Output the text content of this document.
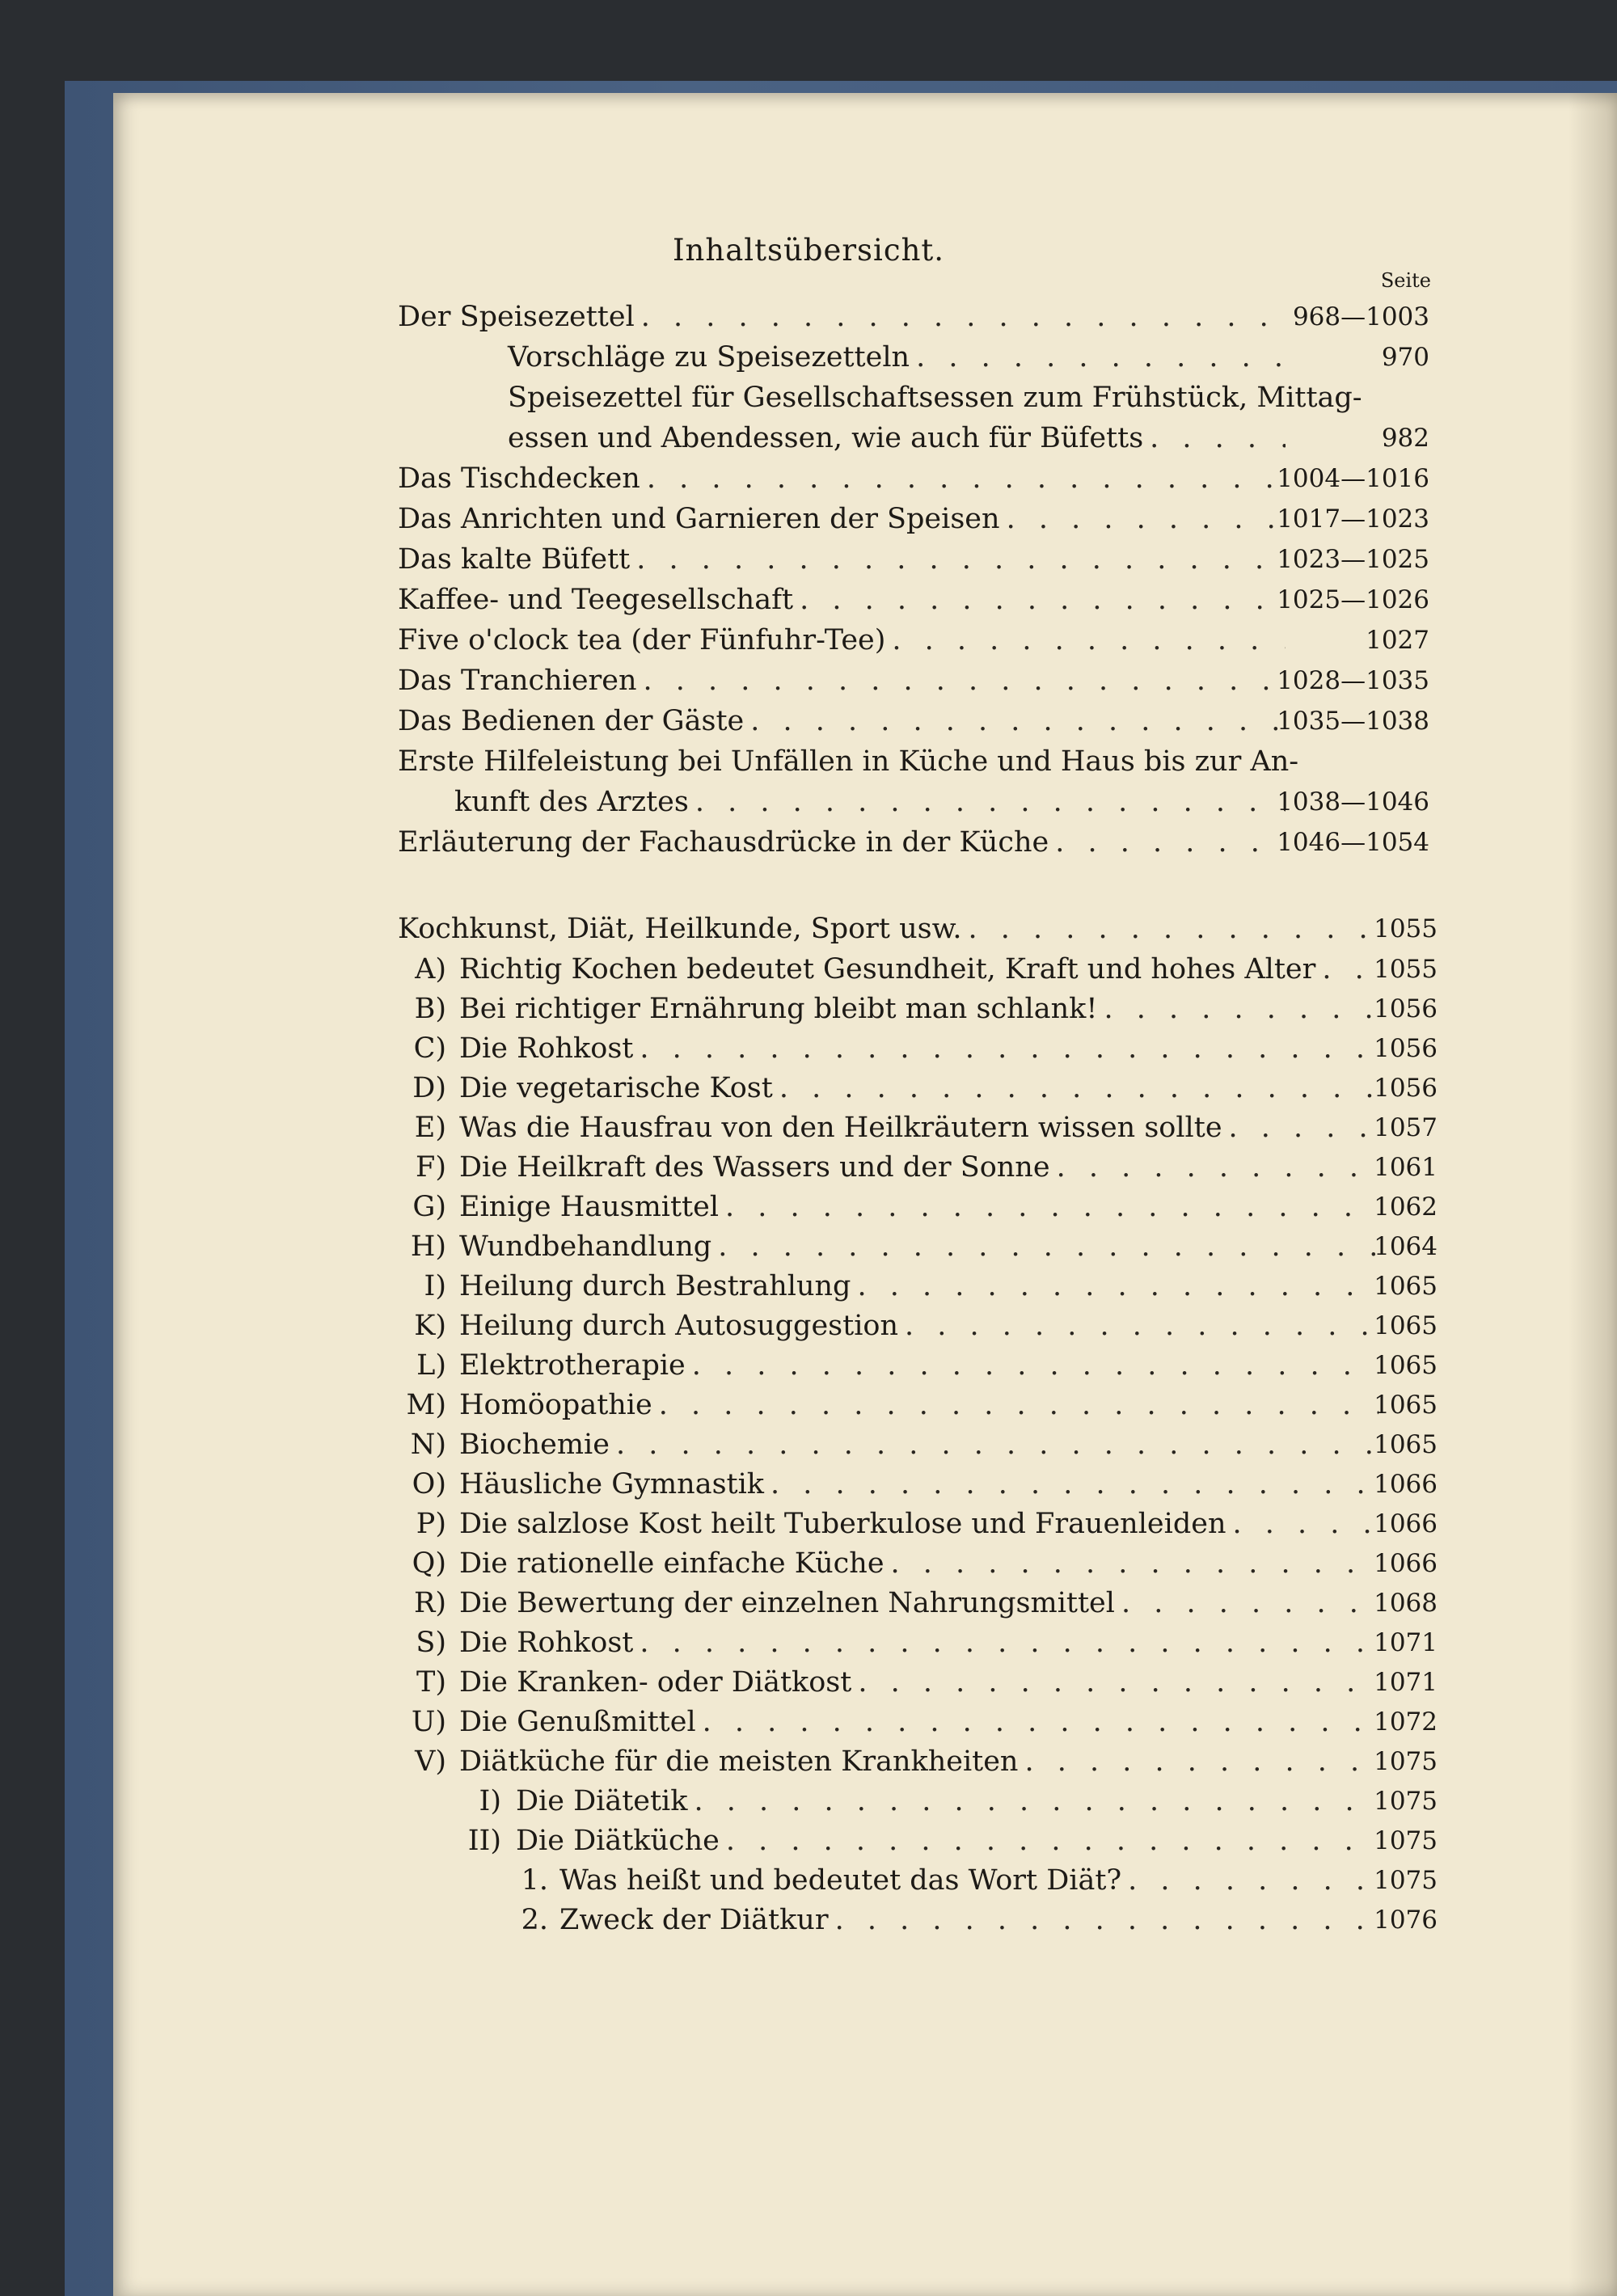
Inhaltsübersicht.
Seite
Der Speisezettel . . .	968—1003
Vorschläge zu Speisezetteln . . .	970
Speisezettel für Gesellschaftsessen zum Frühstück, Mittag-
essen und Abendessen, wie auch für Büfetts . . .	982
Das Tischdecken . . .	1004—1016
Das Anrichten und Garnieren der Speisen . . .	1017—1023
Das kalte Büfett . . .	1023—1025
Kaffee- und Teegesellschaft . . .	1025—1026
Five o'clock tea (der Fünfuhr-Tee) . . .	1027
Das Tranchieren . . .	1028—1035
Das Bedienen der Gäste . . .	1035—1038
Erste Hilfeleistung bei Unfällen in Küche und Haus bis zur An-
kunft des Arztes . . .	1038—1046
Erläuterung der Fachausdrücke in der Küche . . .	1046—1054
Kochkunst, Diät, Heilkunde, Sport usw. . . .	1055
A) Richtig Kochen bedeutet Gesundheit, Kraft und hohes Alter . . .	1055
B) Bei richtiger Ernährung bleibt man schlank! . . .	1056
C) Die Rohkost . . .	1056
D) Die vegetarische Kost . . .	1056
E) Was die Hausfrau von den Heilkräutern wissen sollte . . .	1057
F) Die Heilkraft des Wassers und der Sonne . . .	1061
G) Einige Hausmittel . . .	1062
H) Wundbehandlung . . .	1064
I) Heilung durch Bestrahlung . . .	1065
K) Heilung durch Autosuggestion . . .	1065
L) Elektrotherapie . . .	1065
M) Homöopathie . . .	1065
N) Biochemie . . .	1065
O) Häusliche Gymnastik . . .	1066
P) Die salzlose Kost heilt Tuberkulose und Frauenleiden . . .	1066
Q) Die rationelle einfache Küche . . .	1066
R) Die Bewertung der einzelnen Nahrungsmittel . . .	1068
S) Die Rohkost . . .	1071
T) Die Kranken- oder Diätkost . . .	1071
U) Die Genußmittel . . .	1072
V) Diätküche für die meisten Krankheiten . . .	1075
I) Die Diätetik . . .	1075
II) Die Diätküche . . .	1075
1. Was heißt und bedeutet das Wort Diät? . . .	1075
2. Zweck der Diätkur . . .	1076
